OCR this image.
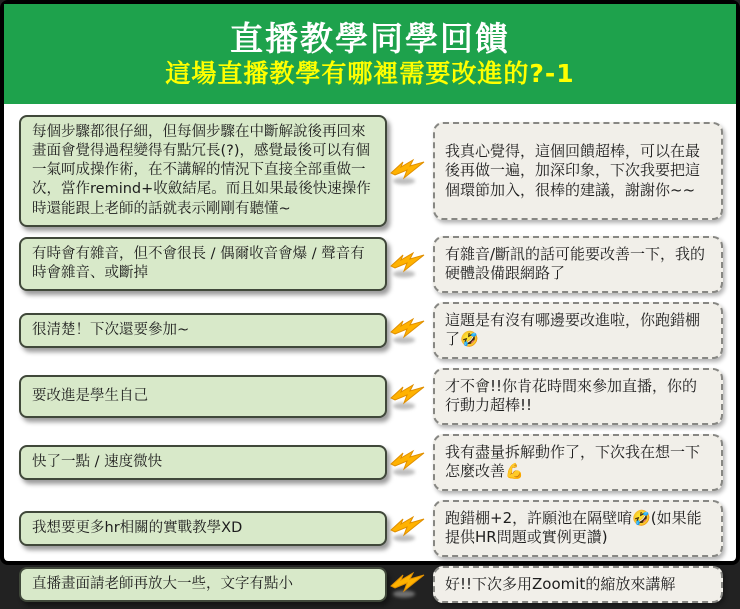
直播教學同學回饋
這場直播教學有哪裡需要改進的?-1
每個步驟都很仔細，但每個步驟在中斷解說後再回來畫面會覺得過程變得有點冗長(?)，感覺最後可以有個一氣呵成操作術，在不講解的情況下直接全部重做一次，當作remind+收斂結尾。而且如果最後快速操作時還能跟上老師的話就表示剛剛有聽懂~
我真心覺得，這個回饋超棒，可以在最後再做一遍，加深印象，下次我要把這個環節加入，很棒的建議，謝謝你~~
有時會有雜音，但不會很長 / 偶爾收音會爆 / 聲音有時會雜音、或斷掉
有雜音/斷訊的話可能要改善一下，我的硬體設備跟網路了
很清楚！下次還要參加~
這題是有沒有哪邊要改進啦，你跑錯棚了🤣
要改進是學生自己
才不會!!你肯花時間來參加直播，你的行動力超棒!!
快了一點 / 速度微快
我有盡量拆解動作了，下次我在想一下怎麼改善💪
我想要更多hr相關的實戰教學XD
跑錯棚+2，許願池在隔壁唷🤣(如果能提供HR問題或實例更讚)
直播畫面請老師再放大一些，文字有點小	好!!下次多用Zoomit的縮放來講解
